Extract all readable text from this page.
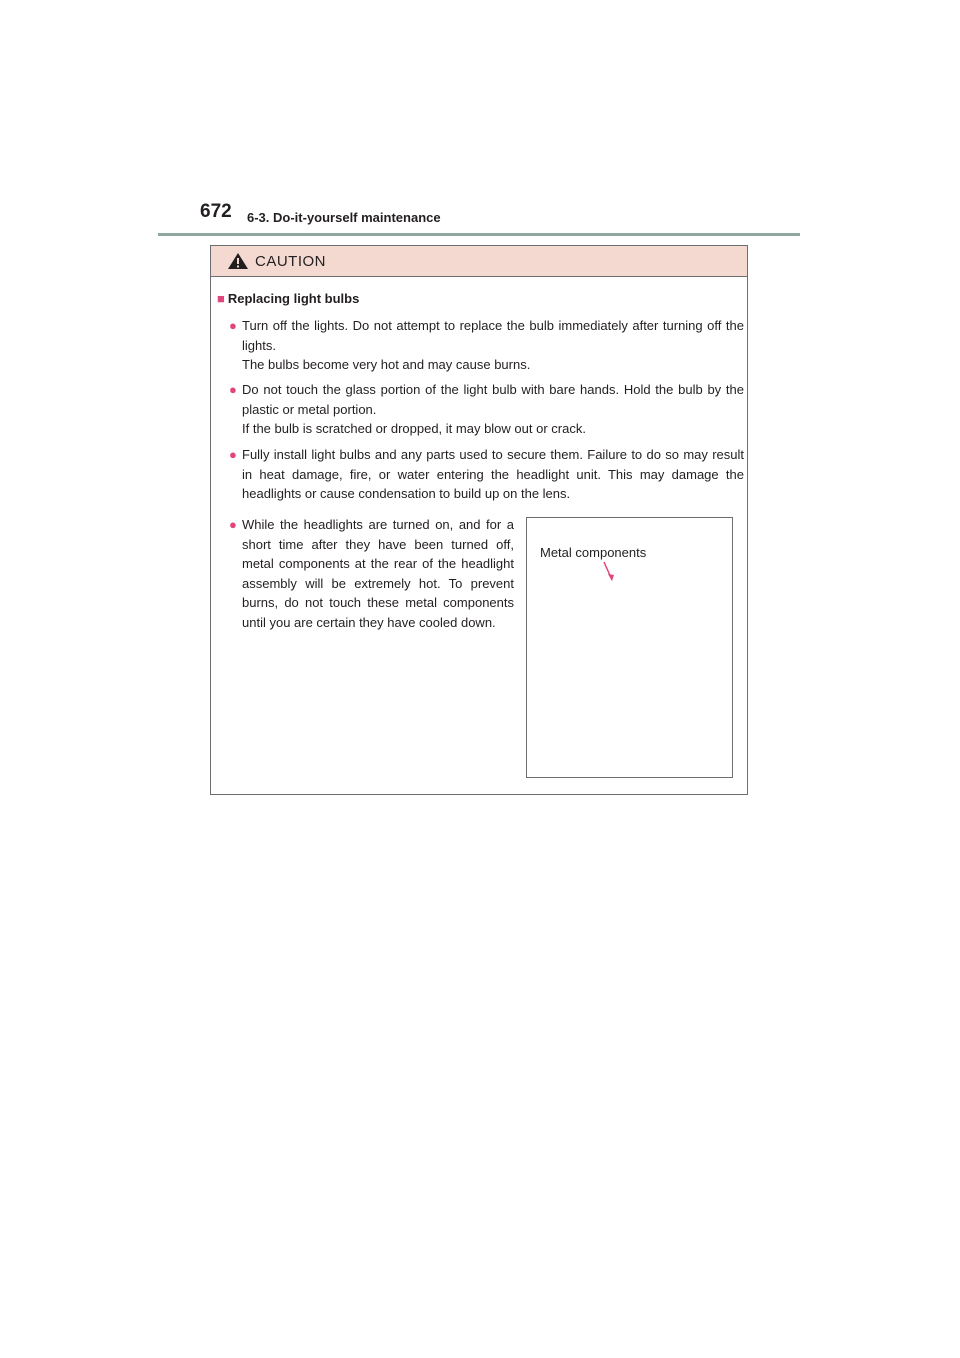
672 6-3. Do-it-yourself maintenance
CAUTION
■ Replacing light bulbs
● Turn off the lights. Do not attempt to replace the bulb immediately after turning off the lights.

The bulbs become very hot and may cause burns.

● Do not touch the glass portion of the light bulb with bare hands. Hold the bulb by the plastic or metal portion.

If the bulb is scratched or dropped, it may blow out or crack.

● Fully install light bulbs and any parts used to secure them. Failure to do so may result in heat damage, fire, or water entering the headlight unit. This may damage the headlights or cause condensation to build up on the lens.

● While the headlights are turned on, and for a short time after they have been turned off, metal components at the rear of the headlight assembly will be extremely hot. To prevent burns, do not touch these metal components until you are certain they have cooled down.

Metal components
